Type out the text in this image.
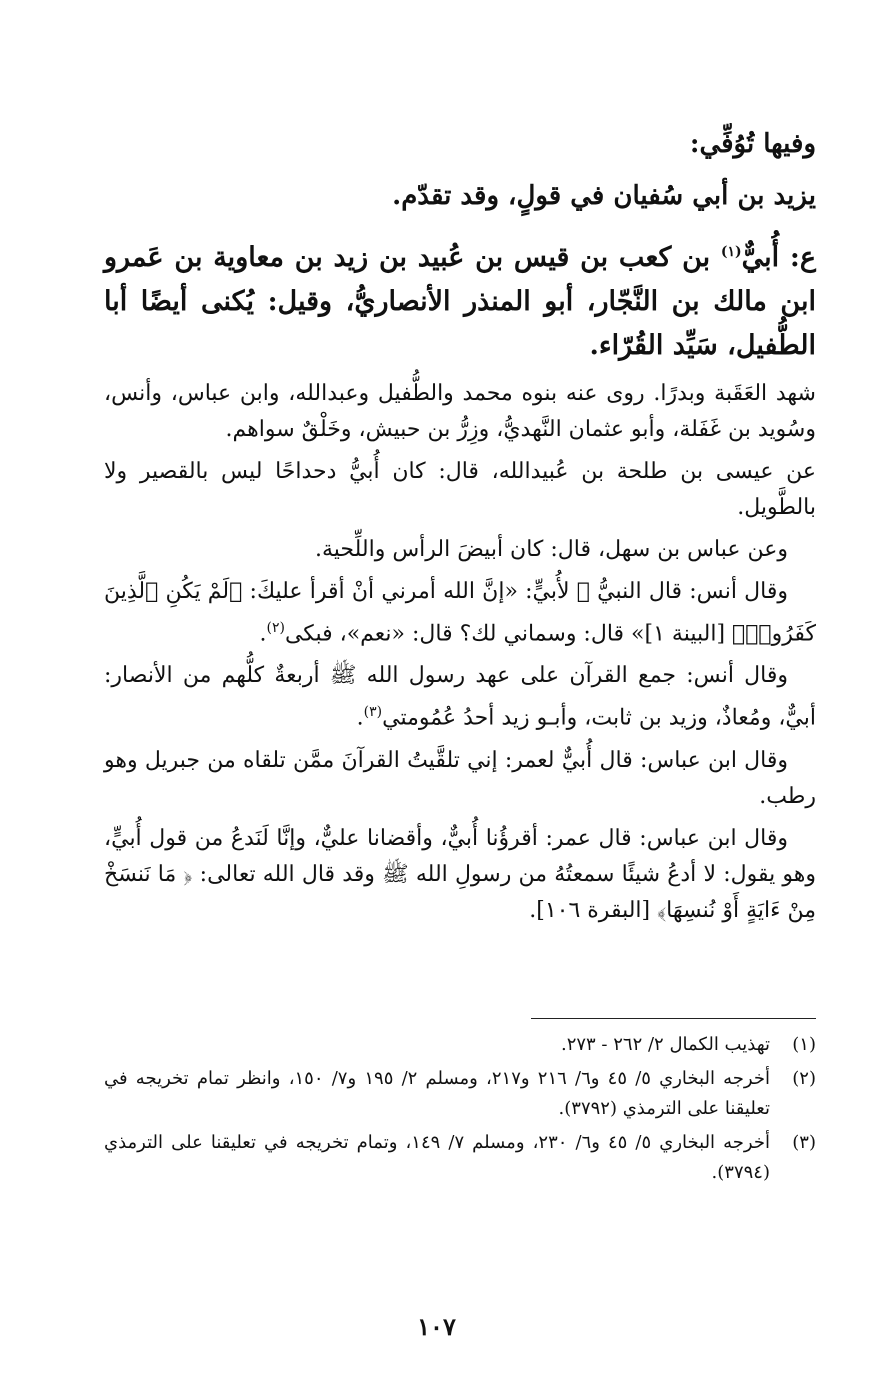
وفيها تُوُفِّي:

يزيد بن أبي سُفيان في قولٍ، وقد تقدّم.

ع: أُبيٌّ$^{(١)}$ بن كعب بن قيس بن عُبيد بن زيد بن معاوية بن عَمرو ابن مالك بن النَّجّار، أبو المنذر الأنصاريُّ، وقيل: يُكنى أيضًا أبا الطُّفيل، سَيِّد القُرّاء.

شهد العَقَبة وبدرًا. روى عنه بنوه محمد والطُّفيل وعبدالله، وابن عباس، وأنس، وسُويد بن غَفَلة، وأبو عثمان النَّهديُّ، وزِرُّ بن حبيش، وخَلْقٌ سواهم.

عن عيسى بن طلحة بن عُبيدالله، قال: كان أُبيُّ دحداحًا ليس بالقصير ولا بالطَّويل.

وعن عباس بن سهل، قال: كان أبيضَ الرأس واللِّحية.

وقال أنس: قال النبيُّ ﷺ لأُبيٍّ: «إنَّ الله أمرني أنْ أقرأ عليكَ: ﴿لَمْ يَكُنِ ٱلَّذِينَ كَفَرُوا۟﴾ [البينة ١]» قال: وسماني لك؟ قال: «نعم»، فبكى$^{(٢)}$.

وقال أنس: جمع القرآن على عهد رسول الله ﷺ أربعةٌ كلُّهم من الأنصار: أبيٌّ، ومُعاذٌ، وزيد بن ثابت، وأبـو زيد أحدُ عُمُومتي$^{(٣)}$.

وقال ابن عباس: قال أُبيٌّ لعمر: إني تلقَّيتُ القرآنَ ممَّن تلقاه من جبريل وهو رطب.

وقال ابن عباس: قال عمر: أقرؤُنا أُبيٌّ، وأقضانا عليٌّ، وإنَّا لَنَدعُ من قول أُبيٍّ، وهو يقول: لا أدعُ شيئًا سمعتُهُ من رسولِ الله ﷺ وقد قال الله تعالى: ﴿ مَا نَنسَخْ مِنْ ءَايَةٍ أَوْ نُنسِهَا﴾ [البقرة ١٠٦].

(١)
تهذيب الكمال ٢/ ٢٦٢ - ٢٧٣.
(٢)
أخرجه البخاري ٥/ ٤٥ و٦/ ٢١٦ و٢١٧، ومسلم ٢/ ١٩٥ و٧/ ١٥٠، وانظر تمام تخريجه في تعليقنا على الترمذي (٣٧٩٢).
(٣)
أخرجه البخاري ٥/ ٤٥ و٦/ ٢٣٠، ومسلم ٧/ ١٤٩، وتمام تخريجه في تعليقنا على الترمذي (٣٧٩٤).
١٠٧
